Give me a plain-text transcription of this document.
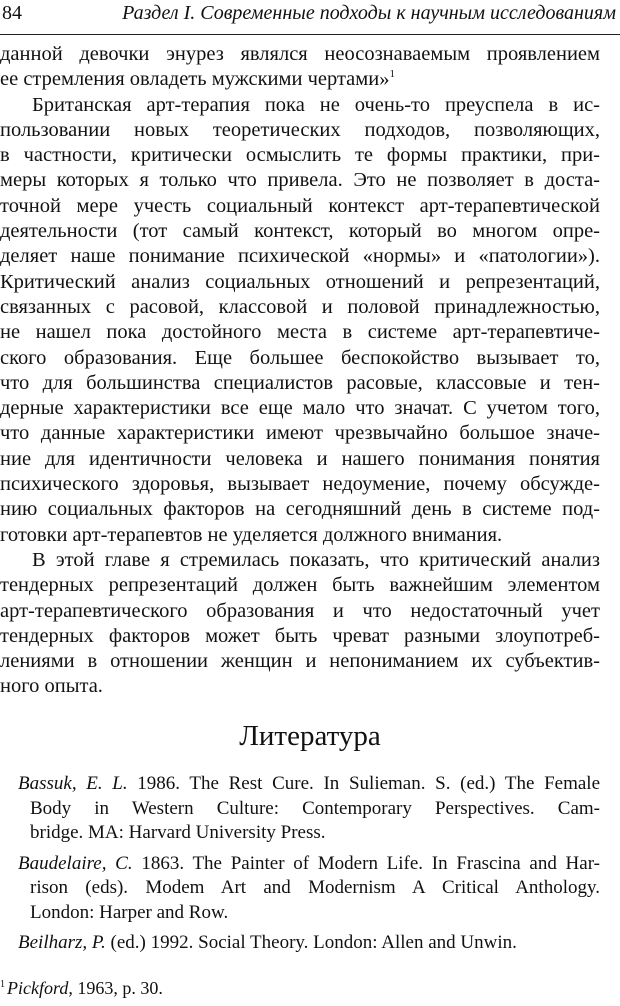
84	Раздел I. Современные подходы к научным исследованиям
данной девочки энурез являлся неосознаваемым проявлением
ее стремления овладеть мужскими чертами»$^1$
Британская арт-терапия пока не очень-то преуспела в ис-
пользовании новых теоретических подходов, позволяющих,
в частности, критически осмыслить те формы практики, при-
меры которых я только что привела. Это не позволяет в доста-
точной мере учесть социальный контекст арт-терапевтической
деятельности (тот самый контекст, который во многом опре-
деляет наше понимание психической «нормы» и «патологии»).
Критический анализ социальных отношений и репрезентаций,
связанных с расовой, классовой и половой принадлежностью,
не нашел пока достойного места в системе арт-терапевтиче-
ского образования. Еще большее беспокойство вызывает то,
что для большинства специалистов расовые, классовые и тен-
дерные характеристики все еще мало что значат. С учетом того,
что данные характеристики имеют чрезвычайно большое значе-
ние для идентичности человека и нашего понимания понятия
психического здоровья, вызывает недоумение, почему обсужде-
нию социальных факторов на сегодняшний день в системе под-
готовки арт-терапевтов не уделяется должного внимания.
В этой главе я стремилась показать, что критический анализ
тендерных репрезентаций должен быть важнейшим элементом
арт-терапевтического образования и что недостаточный учет
тендерных факторов может быть чреват разными злоупотреб-
лениями в отношении женщин и непониманием их субъектив-
ного опыта.
Литература
Bassuk, E. L. 1986. The Rest Cure. In Sulieman. S. (ed.) The Female
Body in Western Culture: Contemporary Perspectives. Cam-
bridge. MA: Harvard University Press.
Baudelaire, C. 1863. The Painter of Modern Life. In Frascina and Har-
rison (eds). Modem Art and Modernism A Critical Anthology.
London: Harper and Row.
Beilharz, P. (ed.) 1992. Social Theory. London: Allen and Unwin.
$^1$ Pickford, 1963, p. 30.
